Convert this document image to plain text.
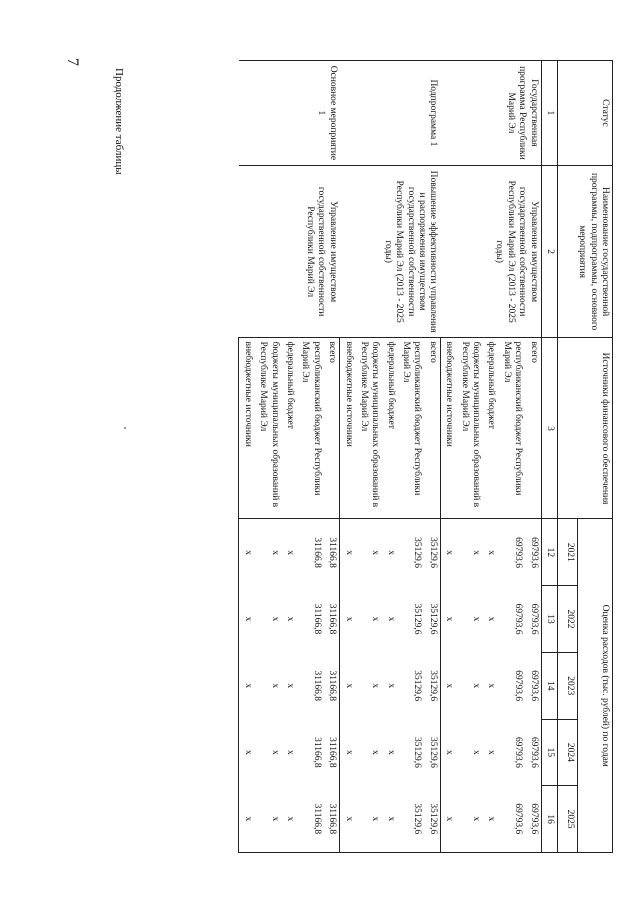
7
Продолжение таблицы	Статус	Наименование государственной программы, подпрограммы, основного мероприятия	Источники финансового обеспечения	Оценка расходов (тыс. рублей) по годам				
			2021	2022	2023	2024	2025
1	2	3	12	13	14	15	16
Государственная программа Республики Марий Эл	Управление имуществом государственной собственности Республики Марий Эл (2013 - 2025 годы)	всего	69793,6	69793,6	69793,6	69793,6	69793,6
		республиканский бюджет Республики Марий Эл	69793,6	69793,6	69793,6	69793,6	69793,6
		федеральный бюджет	x	x	x	x	x
		бюджеты муниципальных образований в Республике Марий Эл	x	x	x	x	x
		внебюджетные источники	x	x	x	x	x
Подпрограмма 1	Повышение эффективности управления и распоряжения имуществом государственной собственности Республики Марий Эл (2013 - 2025 годы)	всего	35129,6	35129,6	35129,6	35129,6	35129,6
		республиканский бюджет Республики Марий Эл	35129,6	35129,6	35129,6	35129,6	35129,6
		федеральный бюджет	x	x	x	x	x
		бюджеты муниципальных образований в Республике Марий Эл	x	x	x	x	x
		внебюджетные источники	x	x	x	x	x
Основное мероприятие 1	Управление имуществом государственной собственности Республики Марий Эл	всего	31166,8	31166,8	31166,8	31166,8	31166,8
		республиканский бюджет Республики Марий Эл	31166,8	31166,8	31166,8	31166,8	31166,8
		федеральный бюджет	x	x	x	x	x
		бюджеты муниципальных образований в Республике Марий Эл	x	x	x	x	x
		внебюджетные источники	x	x	x	x	x
